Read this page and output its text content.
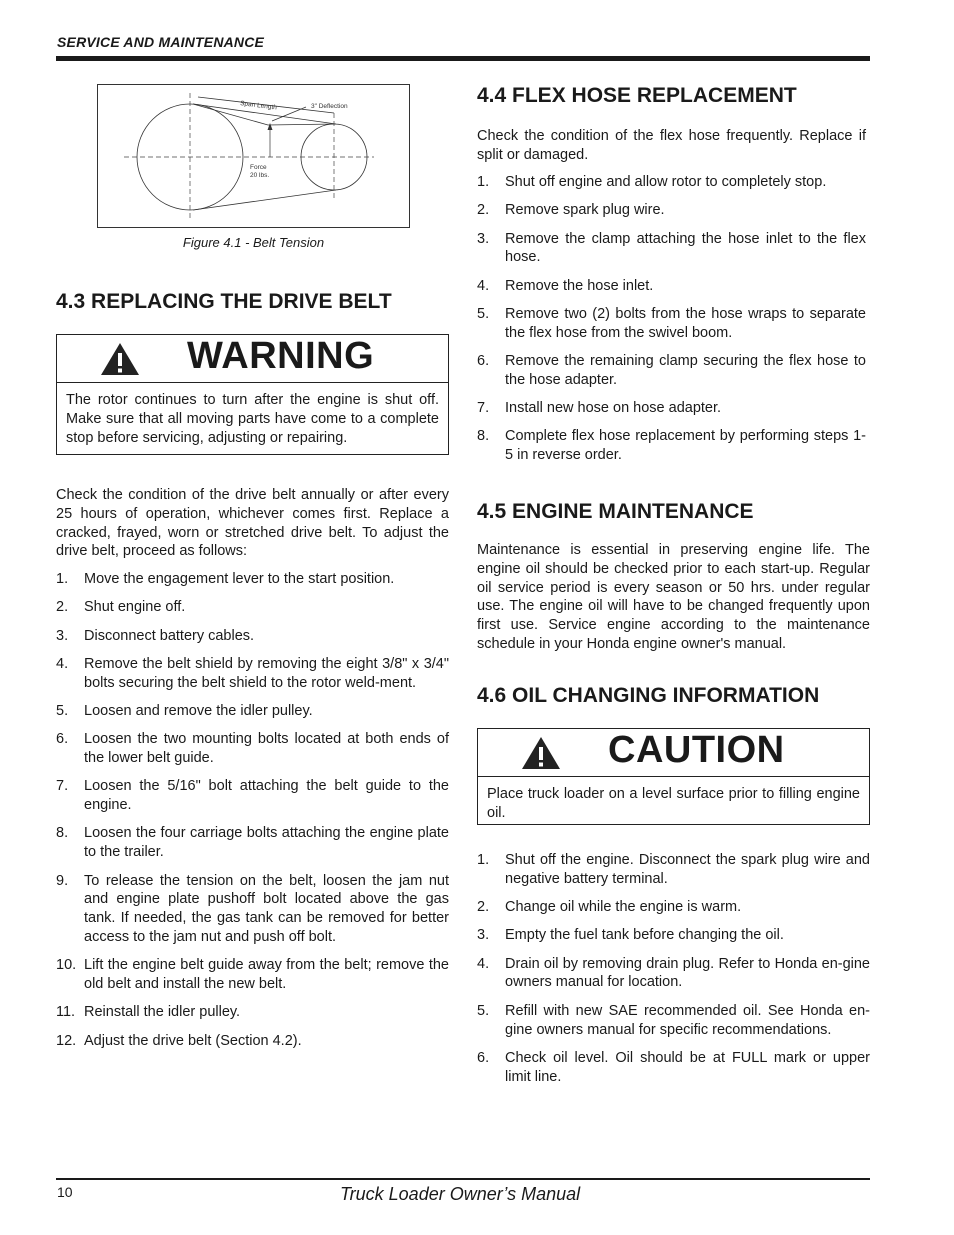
SERVICE AND MAINTENANCE
Span Length	3" Deflection
Force
20 lbs.
Figure 4.1 - Belt Tension
4.3 REPLACING THE DRIVE BELT
WARNING
The rotor continues to turn after the engine is shut off. Make sure that all moving parts have come to a complete stop before servicing, adjusting or repairing.

Check the condition of the drive belt annually or after every 25 hours of operation, whichever comes first. Replace a cracked, frayed, worn or stretched drive belt. To adjust the drive belt, proceed as follows:

1. Move the engagement lever to the start position.
2. Shut engine off.
3. Disconnect battery cables.
4. Remove the belt shield by removing the eight 3/8" x 3/4" bolts securing the belt shield to the rotor weld-ment.
5. Loosen and remove the idler pulley.
6. Loosen the two mounting bolts located at both ends of the lower belt guide.
7. Loosen the 5/16" bolt attaching the belt guide to the engine.
8. Loosen the four carriage bolts attaching the engine plate to the trailer.
9. To release the tension on the belt, loosen the jam nut and engine plate pushoff bolt located above the gas tank. If needed, the gas tank can be removed for better access to the jam nut and push off bolt.
10. Lift the engine belt guide away from the belt; remove the old belt and install the new belt.
11. Reinstall the idler pulley.
12. Adjust the drive belt (Section 4.2).
4.4 FLEX HOSE REPLACEMENT

Check the condition of the flex hose frequently. Replace if split or damaged.

1. Shut off engine and allow rotor to completely stop.
2. Remove spark plug wire.
3. Remove the clamp attaching the hose inlet to the flex hose.
4. Remove the hose inlet.
5. Remove two (2) bolts from the hose wraps to separate the flex hose from the swivel boom.
6. Remove the remaining clamp securing the flex hose to the hose adapter.
7. Install new hose on hose adapter.
8. Complete flex hose replacement by performing steps 1-5 in reverse order.
4.5 ENGINE MAINTENANCE

Maintenance is essential in preserving engine life. The engine oil should be checked prior to each start-up. Regular oil service period is every season or 50 hrs. under regular use. The engine oil will have to be changed frequently upon first use. Service engine according to the maintenance schedule in your Honda engine owner's manual.

4.6 OIL CHANGING INFORMATION
CAUTION
Place truck loader on a level surface prior to filling engine oil.
1. Shut off the engine. Disconnect the spark plug wire and negative battery terminal.
2. Change oil while the engine is warm.
3. Empty the fuel tank before changing the oil.
4. Drain oil by removing drain plug. Refer to Honda en-gine owners manual for location.
5. Refill with new SAE recommended oil. See Honda en-gine owners manual for specific recommendations.
6. Check oil level. Oil should be at FULL mark or upper limit line.
10	Truck Loader Owner’s Manual
